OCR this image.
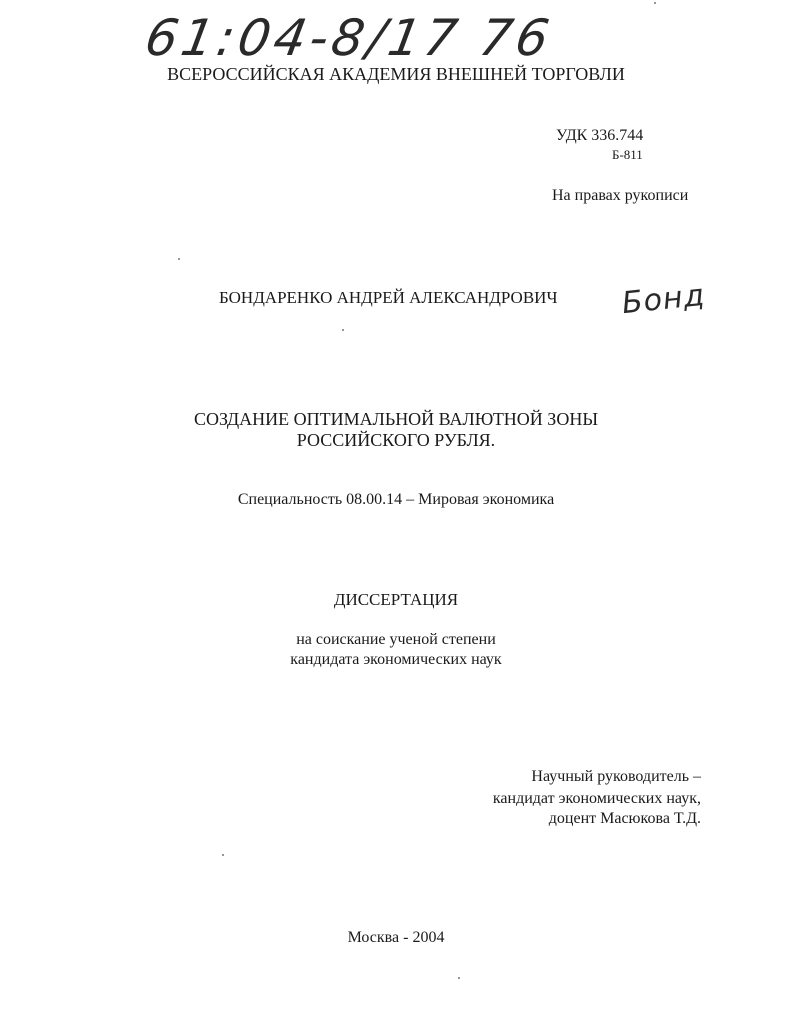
61:04-8/17 76
ВСЕРОССИЙСКАЯ АКАДЕМИЯ ВНЕШНЕЙ ТОРГОВЛИ
УДК 336.744
Б-811
На правах рукописи
БОНДАРЕНКО АНДРЕЙ АЛЕКСАНДРОВИЧ Бонд
СОЗДАНИЕ ОПТИМАЛЬНОЙ ВАЛЮТНОЙ ЗОНЫ
РОССИЙСКОГО РУБЛЯ.
Специальность 08.00.14 – Мировая экономика
ДИССЕРТАЦИЯ
на соискание ученой степени
кандидата экономических наук
Научный руководитель –
кандидат экономических наук,
доцент Масюкова Т.Д.
Москва - 2004
